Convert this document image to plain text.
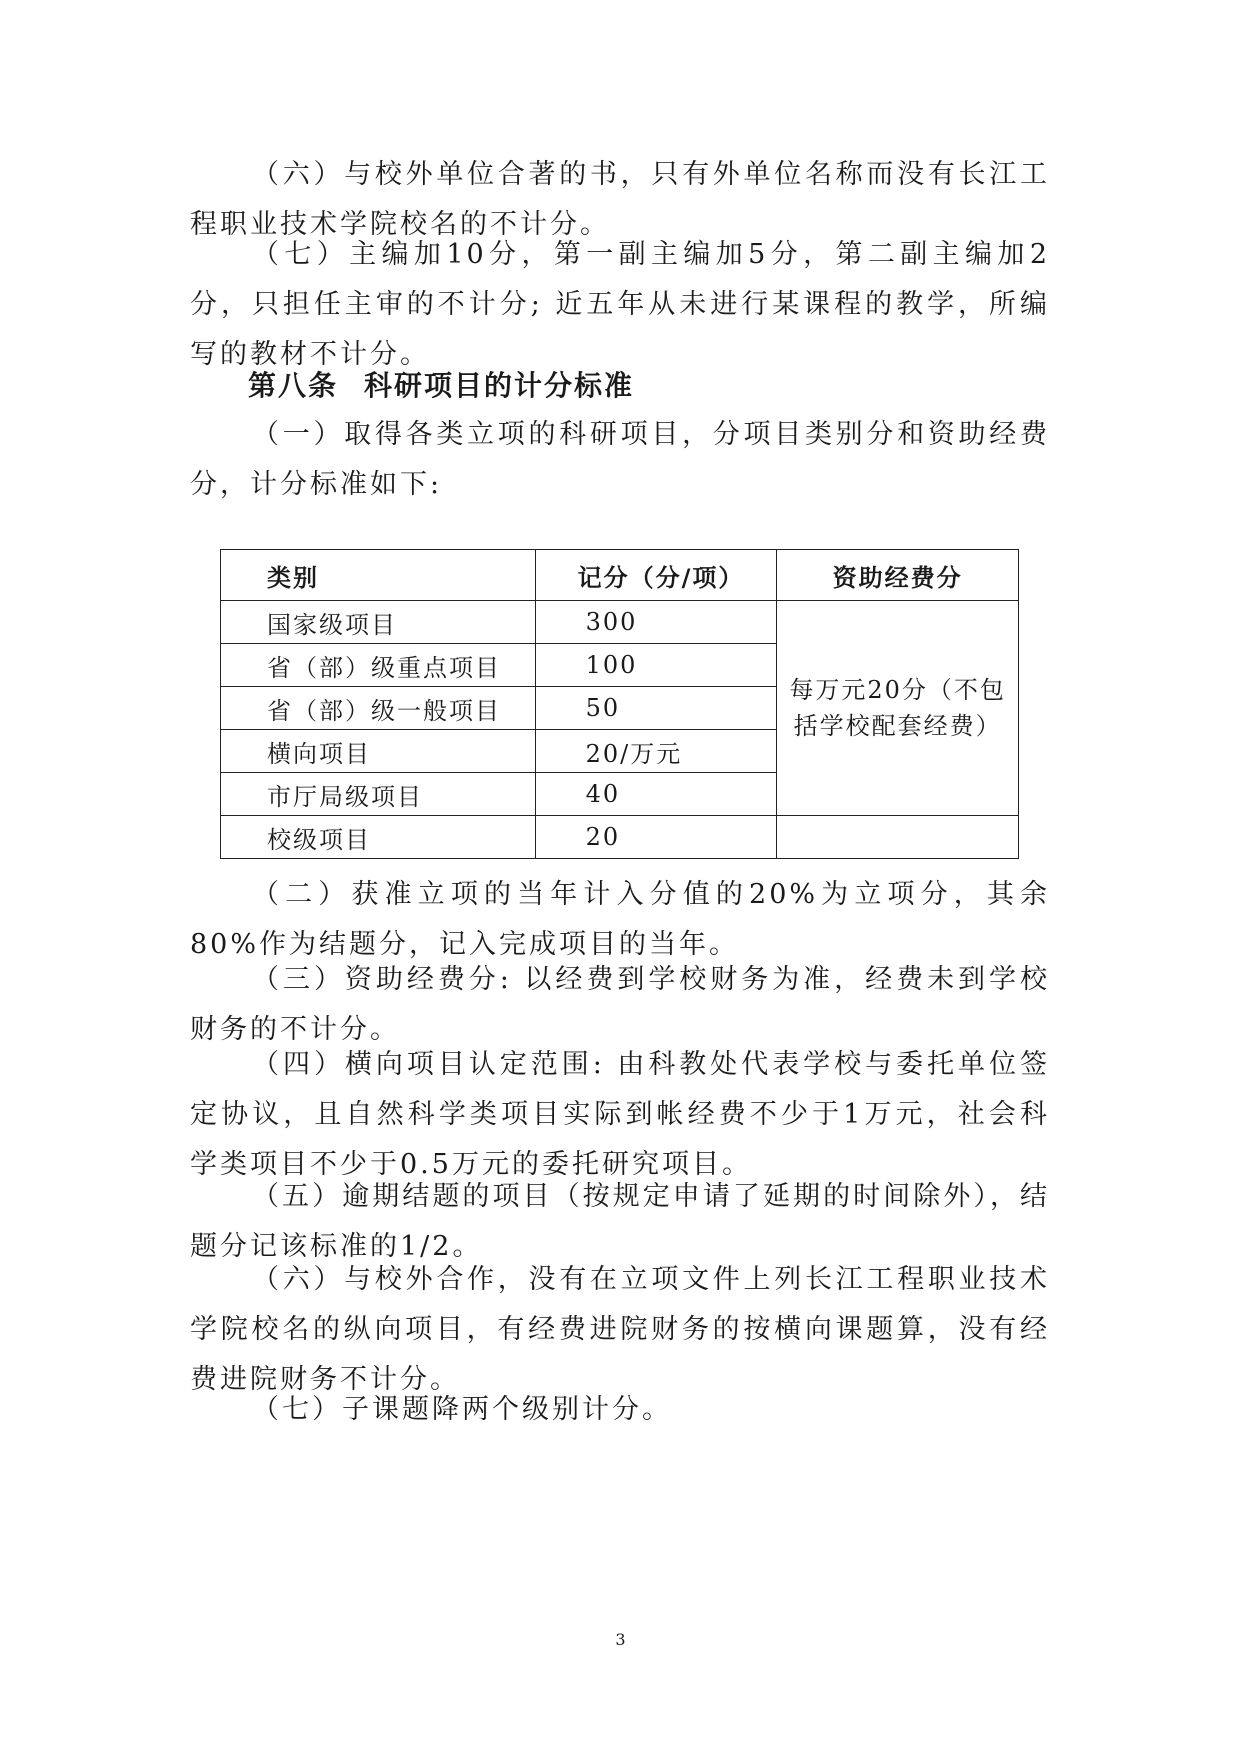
（六）与校外单位合著的书，只有外单位名称而没有长江工程职业技术学院校名的不计分。

（七）主编加10分，第一副主编加5分，第二副主编加2分，只担任主审的不计分; 近五年从未进行某课程的教学，所编写的教材不计分。

第八条 科研项目的计分标准

（一）取得各类立项的科研项目，分项目类别分和资助经费分，计分标准如下:

类别	记分（分/项）	资助经费分
国家级项目	300	每万元20分（不包括学校配套经费）
省（部）级重点项目	100	
省（部）级一般项目	50	
横向项目	20/万元	
市厅局级项目	40	
校级项目	20	

（二）获准立项的当年计入分值的20%为立项分，其余80%作为结题分，记入完成项目的当年。

（三）资助经费分: 以经费到学校财务为准，经费未到学校财务的不计分。

（四）横向项目认定范围: 由科教处代表学校与委托单位签定协议，且自然科学类项目实际到帐经费不少于1万元，社会科学类项目不少于0.5万元的委托研究项目。

（五）逾期结题的项目（按规定申请了延期的时间除外），结题分记该标准的1/2。

（六）与校外合作，没有在立项文件上列长江工程职业技术学院校名的纵向项目，有经费进院财务的按横向课题算，没有经费进院财务不计分。

（七）子课题降两个级别计分。

3
